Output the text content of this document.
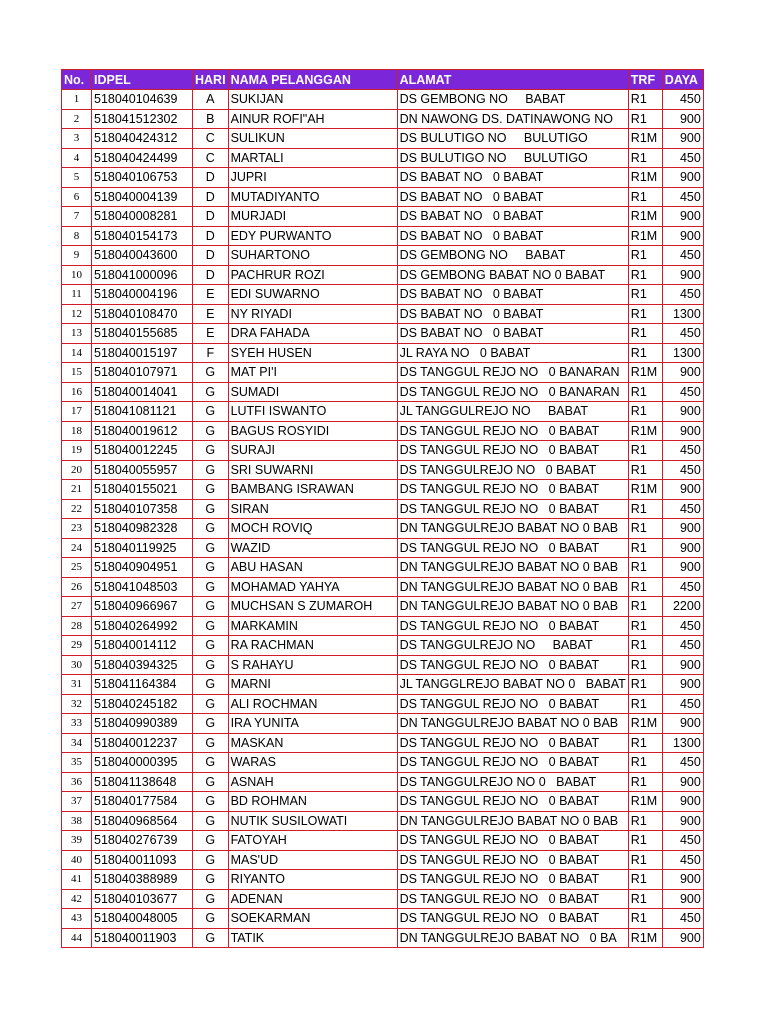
No.	IDPEL	HARI	NAMA PELANGGAN	ALAMAT	TRF	DAYA
1	518040104639	A	SUKIJAN	DS GEMBONG NO     BABAT	R1	450
2	518041512302	B	AINUR ROFI"AH	DN NAWONG DS. DATINAWONG NO	R1	900
3	518040424312	C	SULIKUN	DS BULUTIGO NO     BULUTIGO	R1M	900
4	518040424499	C	MARTALI	DS BULUTIGO NO     BULUTIGO	R1	450
5	518040106753	D	JUPRI	DS BABAT NO   0 BABAT	R1M	900
6	518040004139	D	MUTADIYANTO	DS BABAT NO   0 BABAT	R1	450
7	518040008281	D	MURJADI	DS BABAT NO   0 BABAT	R1M	900
8	518040154173	D	EDY PURWANTO	DS BABAT NO   0 BABAT	R1M	900
9	518040043600	D	SUHARTONO	DS GEMBONG NO     BABAT	R1	450
10	518041000096	D	PACHRUR ROZI	DS GEMBONG BABAT NO 0 BABAT	R1	900
11	518040004196	E	EDI SUWARNO	DS BABAT NO   0 BABAT	R1	450
12	518040108470	E	NY RIYADI	DS BABAT NO   0 BABAT	R1	1300
13	518040155685	E	DRA FAHADA	DS BABAT NO   0 BABAT	R1	450
14	518040015197	F	SYEH HUSEN	JL RAYA NO   0 BABAT	R1	1300
15	518040107971	G	MAT PI'I	DS TANGGUL REJO NO   0 BANARAN	R1M	900
16	518040014041	G	SUMADI	DS TANGGUL REJO NO   0 BANARAN	R1	450
17	518041081121	G	LUTFI ISWANTO	JL TANGGULREJO NO     BABAT	R1	900
18	518040019612	G	BAGUS ROSYIDI	DS TANGGUL REJO NO   0 BABAT	R1M	900
19	518040012245	G	SURAJI	DS TANGGUL REJO NO   0 BABAT	R1	450
20	518040055957	G	SRI SUWARNI	DS TANGGULREJO NO   0 BABAT	R1	450
21	518040155021	G	BAMBANG ISRAWAN	DS TANGGUL REJO NO   0 BABAT	R1M	900
22	518040107358	G	SIRAN	DS TANGGUL REJO NO   0 BABAT	R1	450
23	518040982328	G	MOCH ROVIQ	DN TANGGULREJO BABAT NO 0 BAB	R1	900
24	518040119925	G	WAZID	DS TANGGUL REJO NO   0 BABAT	R1	900
25	518040904951	G	ABU HASAN	DN TANGGULREJO BABAT NO 0 BAB	R1	900
26	518041048503	G	MOHAMAD YAHYA	DN TANGGULREJO BABAT NO 0 BAB	R1	450
27	518040966967	G	MUCHSAN S ZUMAROH	DN TANGGULREJO BABAT NO 0 BAB	R1	2200
28	518040264992	G	MARKAMIN	DS TANGGUL REJO NO   0 BABAT	R1	450
29	518040014112	G	RA RACHMAN	DS TANGGULREJO NO     BABAT	R1	450
30	518040394325	G	S RAHAYU	DS TANGGUL REJO NO   0 BABAT	R1	900
31	518041164384	G	MARNI	JL TANGGLREJO BABAT NO 0   BABAT	R1	900
32	518040245182	G	ALI ROCHMAN	DS TANGGUL REJO NO   0 BABAT	R1	450
33	518040990389	G	IRA YUNITA	DN TANGGULREJO BABAT NO 0 BAB	R1M	900
34	518040012237	G	MASKAN	DS TANGGUL REJO NO   0 BABAT	R1	1300
35	518040000395	G	WARAS	DS TANGGUL REJO NO   0 BABAT	R1	450
36	518041138648	G	ASNAH	DS TANGGULREJO NO 0   BABAT	R1	900
37	518040177584	G	BD ROHMAN	DS TANGGUL REJO NO   0 BABAT	R1M	900
38	518040968564	G	NUTIK SUSILOWATI	DN TANGGULREJO BABAT NO 0 BAB	R1	900
39	518040276739	G	FATOYAH	DS TANGGUL REJO NO   0 BABAT	R1	450
40	518040011093	G	MAS'UD	DS TANGGUL REJO NO   0 BABAT	R1	450
41	518040388989	G	RIYANTO	DS TANGGUL REJO NO   0 BABAT	R1	900
42	518040103677	G	ADENAN	DS TANGGUL REJO NO   0 BABAT	R1	900
43	518040048005	G	SOEKARMAN	DS TANGGUL REJO NO   0 BABAT	R1	450
44	518040011903	G	TATIK	DN TANGGULREJO BABAT NO   0 BA	R1M	900
